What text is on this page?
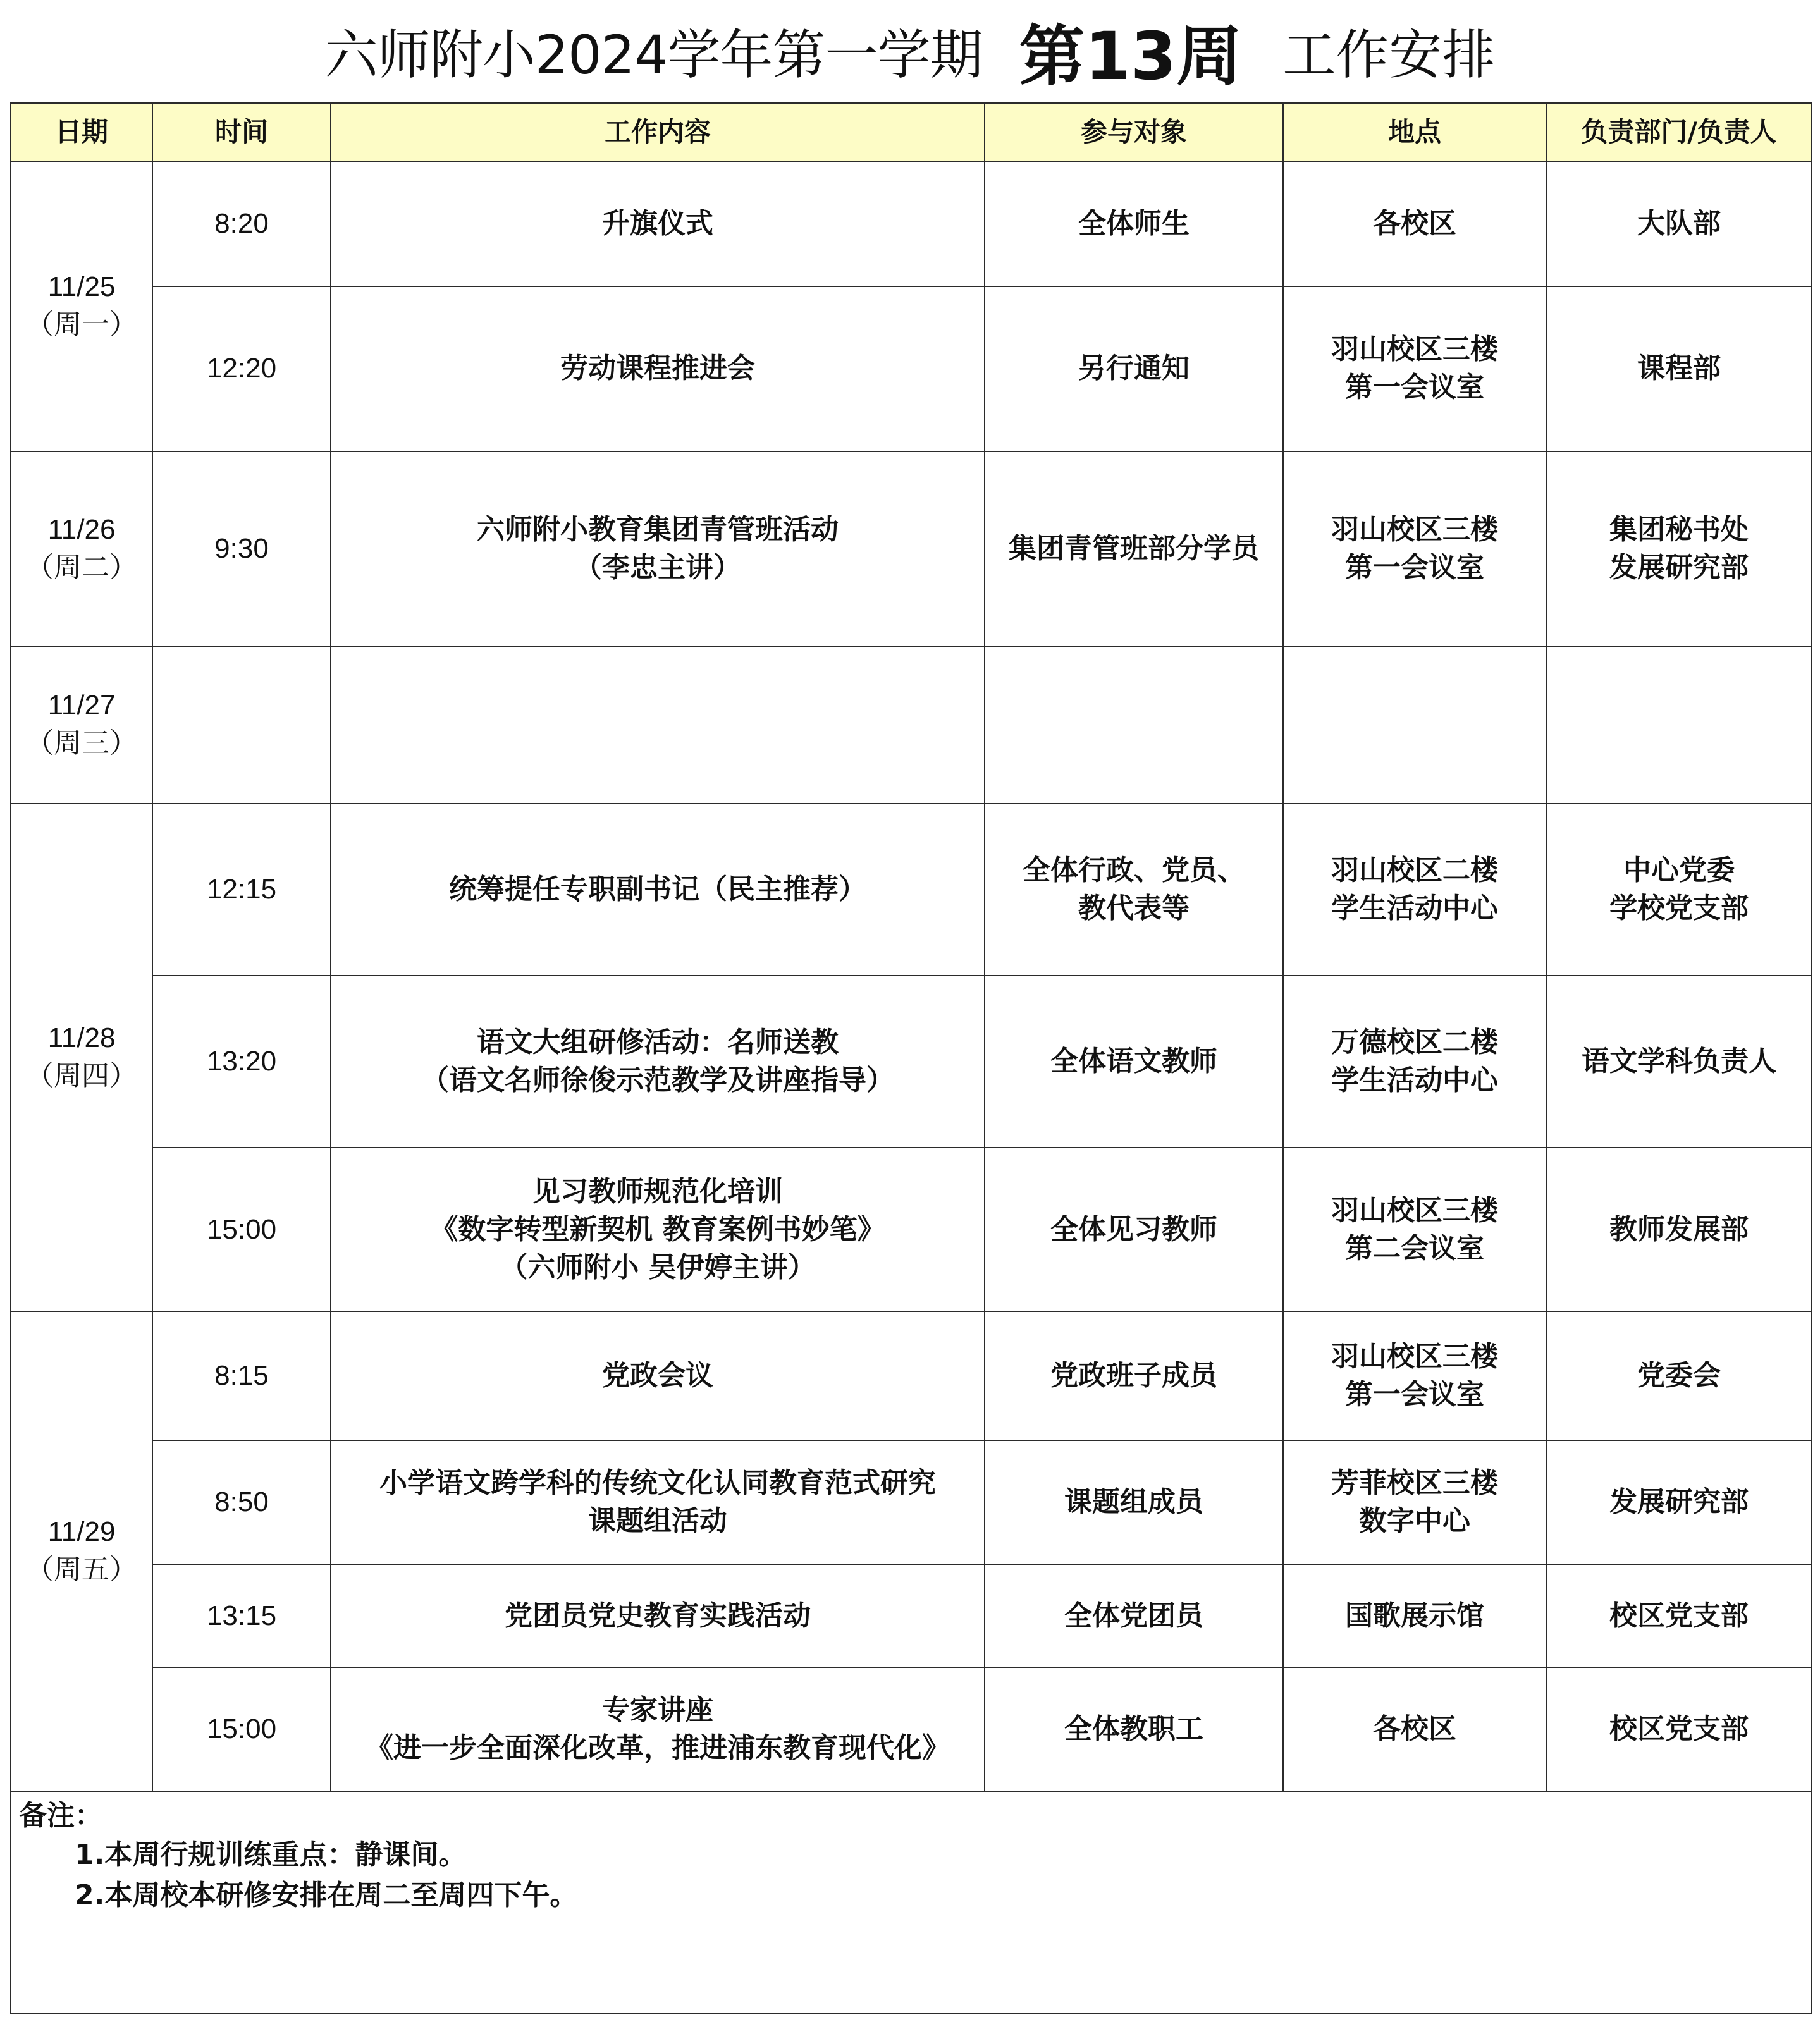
六师附小2024学年第一学期 第13周 工作安排
日期	时间	工作内容	参与对象	地点	负责部门/负责人

11/25
（周一）	8:20	升旗仪式	全体师生	各校区	大队部

	12:20	劳动课程推进会	另行通知	羽山校区三楼
第一会议室	课程部

11/26
（周二）	9:30	六师附小教育集团青管班活动
（李忠主讲）	集团青管班部分学员	羽山校区三楼
第一会议室	集团秘书处
发展研究部

11/27
（周三）					

11/28
（周四）	12:15	统筹提任专职副书记（民主推荐）	全体行政、党员、
教代表等	羽山校区二楼
学生活动中心	中心党委
学校党支部

	13:20	语文大组研修活动：名师送教
（语文名师徐俊示范教学及讲座指导）	全体语文教师	万德校区二楼
学生活动中心	语文学科负责人

	15:00	见习教师规范化培训
《数字转型新契机 教育案例书妙笔》
（六师附小 吴伊婷主讲）	全体见习教师	羽山校区三楼
第二会议室	教师发展部

11/29
（周五）	8:15	党政会议	党政班子成员	羽山校区三楼
第一会议室	党委会

	8:50	小学语文跨学科的传统文化认同教育范式研究
课题组活动	课题组成员	芳菲校区三楼
数字中心	发展研究部

	13:15	党团员党史教育实践活动	全体党团员	国歌展示馆	校区党支部

	15:00	专家讲座
《进一步全面深化改革，推进浦东教育现代化》	全体教职工	各校区	校区党支部

备注：
1.本周行规训练重点：静课间。
2.本周校本研修安排在周二至周四下午。					
